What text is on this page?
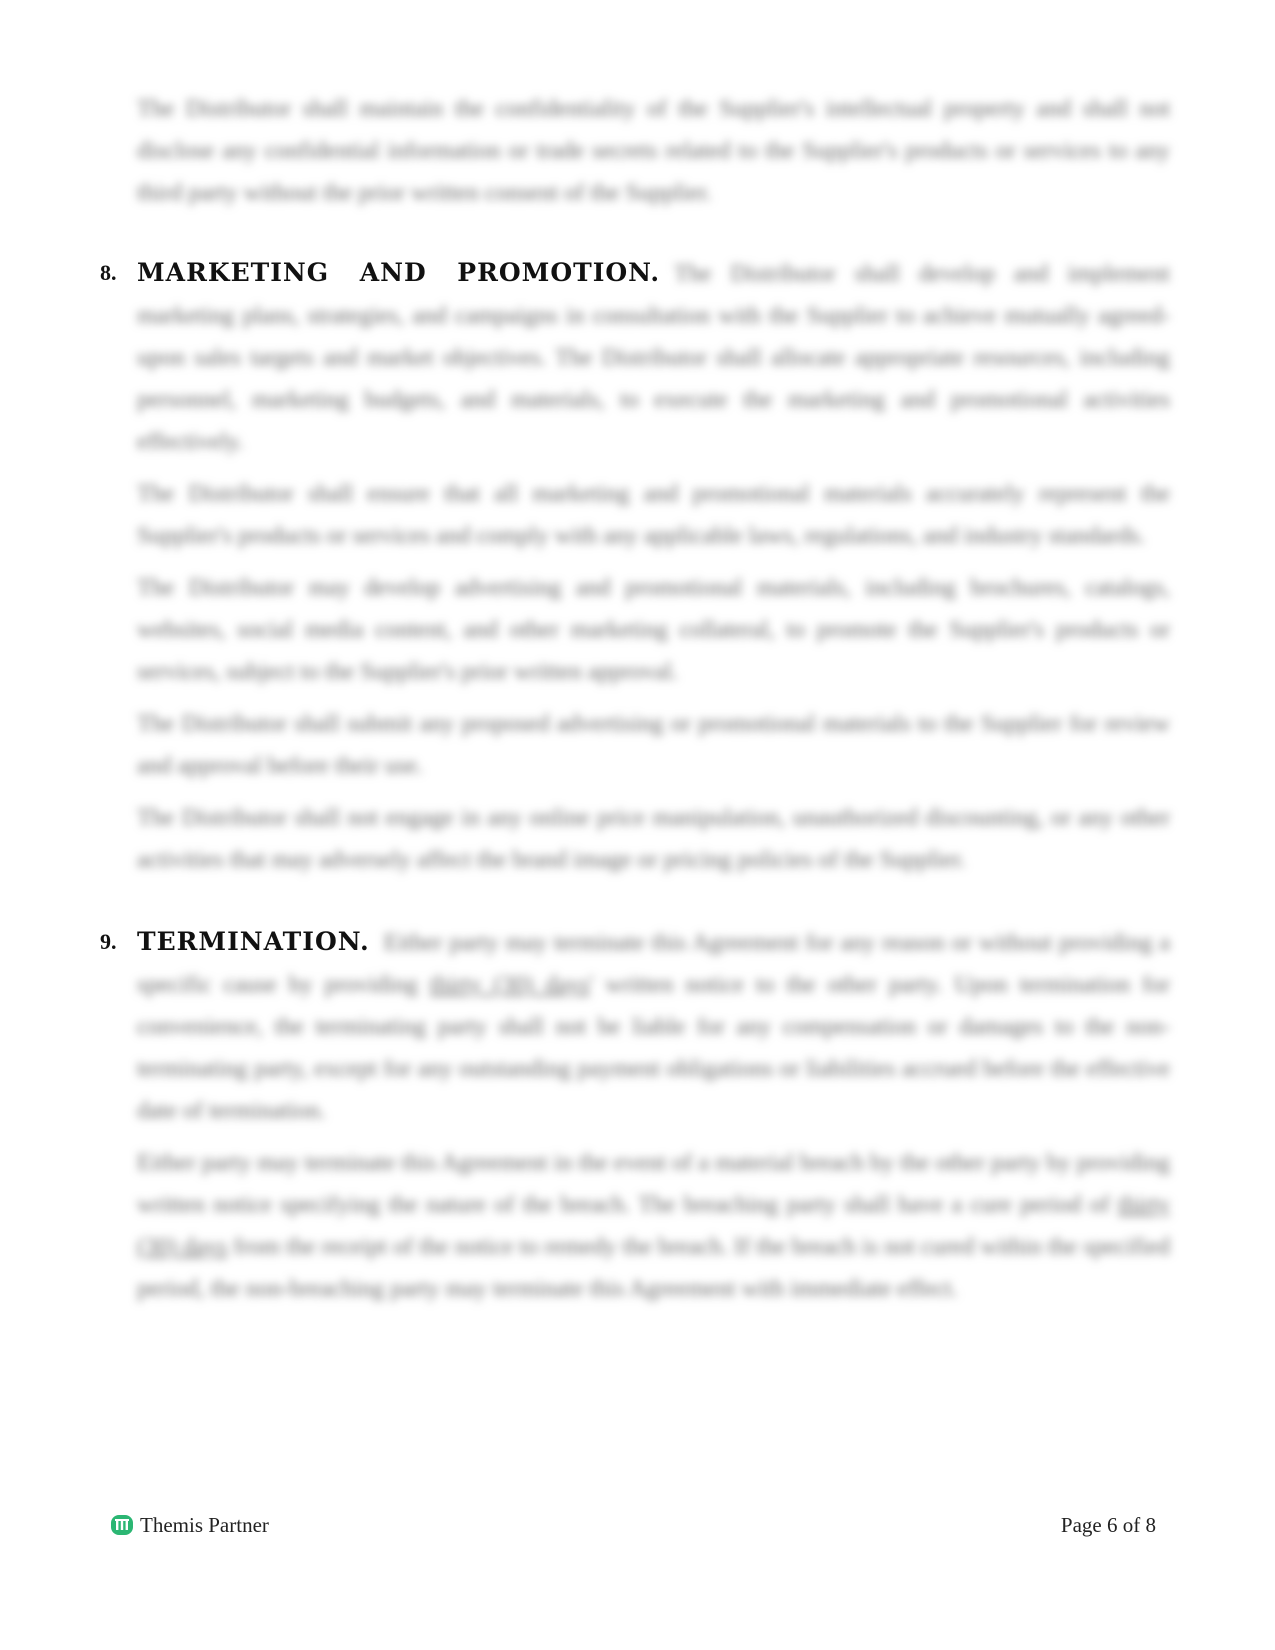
The Distributor shall maintain the confidentiality of the Supplier's intellectual property and shall not disclose any confidential information or trade secrets related to the Supplier's products or services to any third party without the prior written consent of the Supplier.

8. MARKETING AND PROMOTION. The Distributor shall develop and implement marketing plans, strategies, and campaigns in consultation with the Supplier to achieve mutually agreed-upon sales targets and market objectives. The Distributor shall allocate appropriate resources, including personnel, marketing budgets, and materials, to execute the marketing and promotional activities effectively.

The Distributor shall ensure that all marketing and promotional materials accurately represent the Supplier's products or services and comply with any applicable laws, regulations, and industry standards.

The Distributor may develop advertising and promotional materials, including brochures, catalogs, websites, social media content, and other marketing collateral, to promote the Supplier's products or services, subject to the Supplier's prior written approval.

The Distributor shall submit any proposed advertising or promotional materials to the Supplier for review and approval before their use.

The Distributor shall not engage in any online price manipulation, unauthorized discounting, or any other activities that may adversely affect the brand image or pricing policies of the Supplier.

9. TERMINATION. Either party may terminate this Agreement for any reason or without providing a specific cause by providing thirty (30) days' written notice to the other party. Upon termination for convenience, the terminating party shall not be liable for any compensation or damages to the non-terminating party, except for any outstanding payment obligations or liabilities accrued before the effective date of termination.

Either party may terminate this Agreement in the event of a material breach by the other party by providing written notice specifying the nature of the breach. The breaching party shall have a cure period of thirty (30) days from the receipt of the notice to remedy the breach. If the breach is not cured within the specified period, the non-breaching party may terminate this Agreement with immediate effect.

Themis Partner	Page 6 of 8
